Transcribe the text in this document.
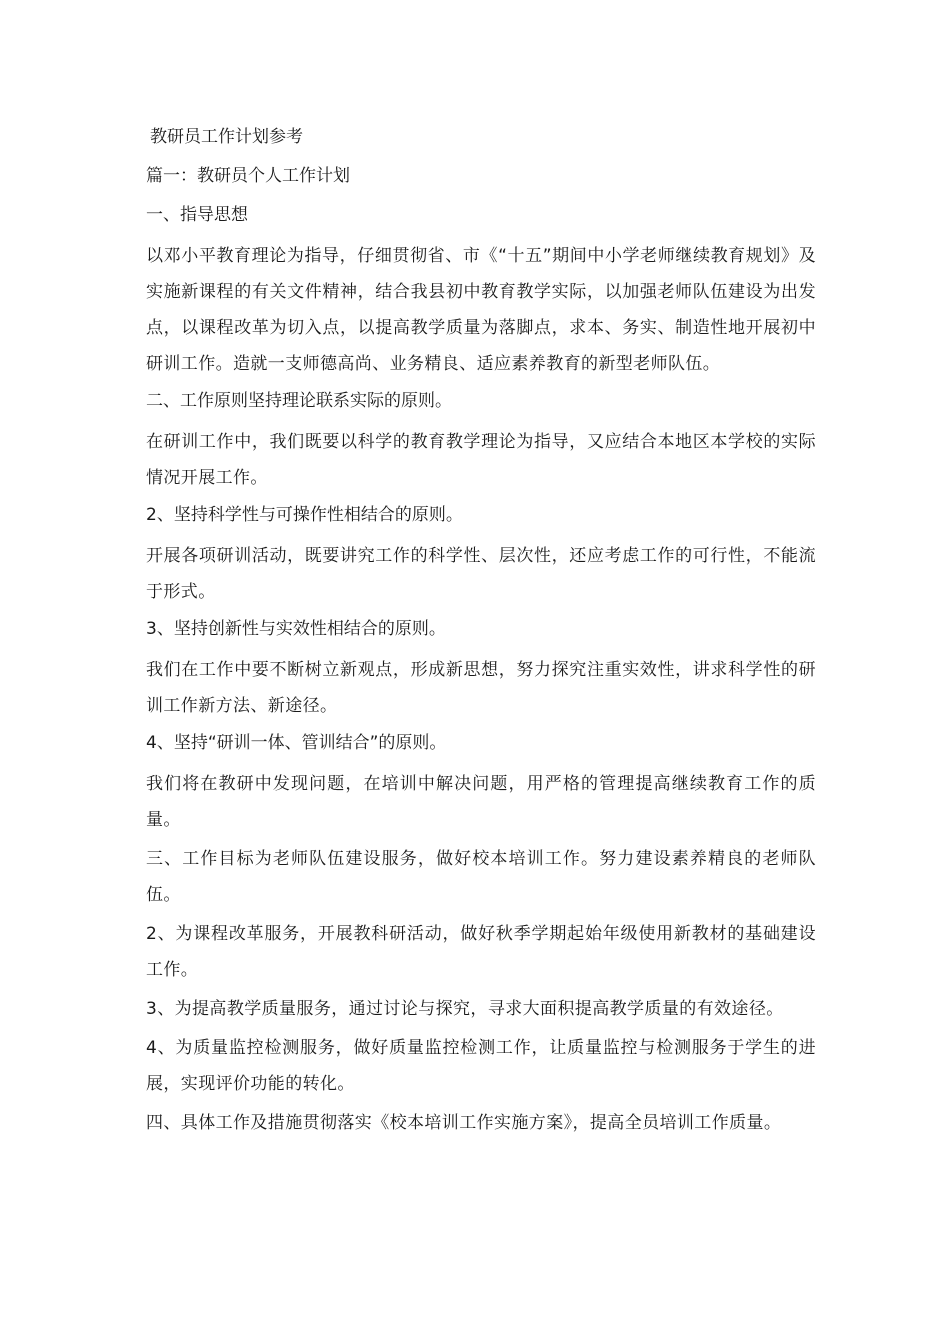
教研员工作计划参考
篇一：教研员个人工作计划
一、指导思想
以邓小平教育理论为指导，仔细贯彻省、市《“十五”期间中小学老师继续教育规划》及实施新课程的有关文件精神，结合我县初中教育教学实际，以加强老师队伍建设为出发点，以课程改革为切入点，以提高教学质量为落脚点，求本、务实、制造性地开展初中研训工作。造就一支师德高尚、业务精良、适应素养教育的新型老师队伍。
二、工作原则坚持理论联系实际的原则。
在研训工作中，我们既要以科学的教育教学理论为指导，又应结合本地区本学校的实际情况开展工作。
2、坚持科学性与可操作性相结合的原则。
开展各项研训活动，既要讲究工作的科学性、层次性，还应考虑工作的可行性，不能流于形式。
3、坚持创新性与实效性相结合的原则。
我们在工作中要不断树立新观点，形成新思想，努力探究注重实效性，讲求科学性的研训工作新方法、新途径。
4、坚持“研训一体、管训结合”的原则。
我们将在教研中发现问题，在培训中解决问题，用严格的管理提高继续教育工作的质量。
三、工作目标为老师队伍建设服务，做好校本培训工作。努力建设素养精良的老师队伍。
2、为课程改革服务，开展教科研活动，做好秋季学期起始年级使用新教材的基础建设工作。
3、为提高教学质量服务，通过讨论与探究，寻求大面积提高教学质量的有效途径。
4、为质量监控检测服务，做好质量监控检测工作，让质量监控与检测服务于学生的进展，实现评价功能的转化。
四、具体工作及措施贯彻落实《校本培训工作实施方案》，提高全员培训工作质量。
